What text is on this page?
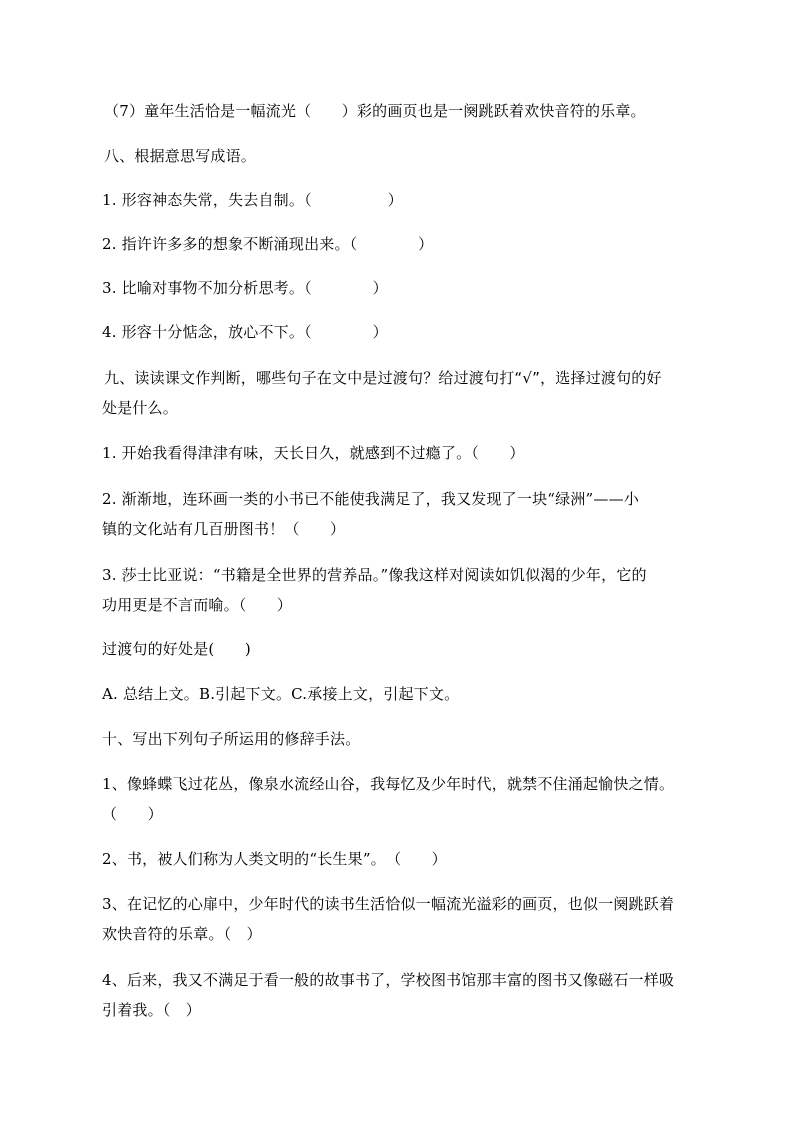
（7）童年生活恰是一幅流光（　　）彩的画页也是一阕跳跃着欢快音符的乐章。
八、根据意思写成语。
1. 形容神态失常，失去自制。（　　　　　）
2. 指许许多多的想象不断涌现出来。（　　　　）
3. 比喻对事物不加分析思考。（　　　　）
4. 形容十分惦念，放心不下。（　　　　）
九、读读课文作判断，哪些句子在文中是过渡句？给过渡句打“√”，选择过渡句的好
处是什么。
1. 开始我看得津津有味，天长日久，就感到不过瘾了。（　　）
2. 渐渐地，连环画一类的小书已不能使我满足了，我又发现了一块“绿洲”——小
镇的文化站有几百册图书！（　　）
3. 莎士比亚说：“书籍是全世界的营养品。”像我这样对阅读如饥似渴的少年，它的
功用更是不言而喻。（　　）
过渡句的好处是(　　)
A. 总结上文。B.引起下文。C.承接上文，引起下文。
十、写出下列句子所运用的修辞手法。
1、像蜂蝶飞过花丛，像泉水流经山谷，我每忆及少年时代，就禁不住涌起愉快之情。
（　　）
2、书，被人们称为人类文明的“长生果”。　（　　）
3、在记忆的心扉中，少年时代的读书生活恰似一幅流光溢彩的画页，也似一阕跳跃着
欢快音符的乐章。（　）
4、后来，我又不满足于看一般的故事书了，学校图书馆那丰富的图书又像磁石一样吸
引着我。（　）
